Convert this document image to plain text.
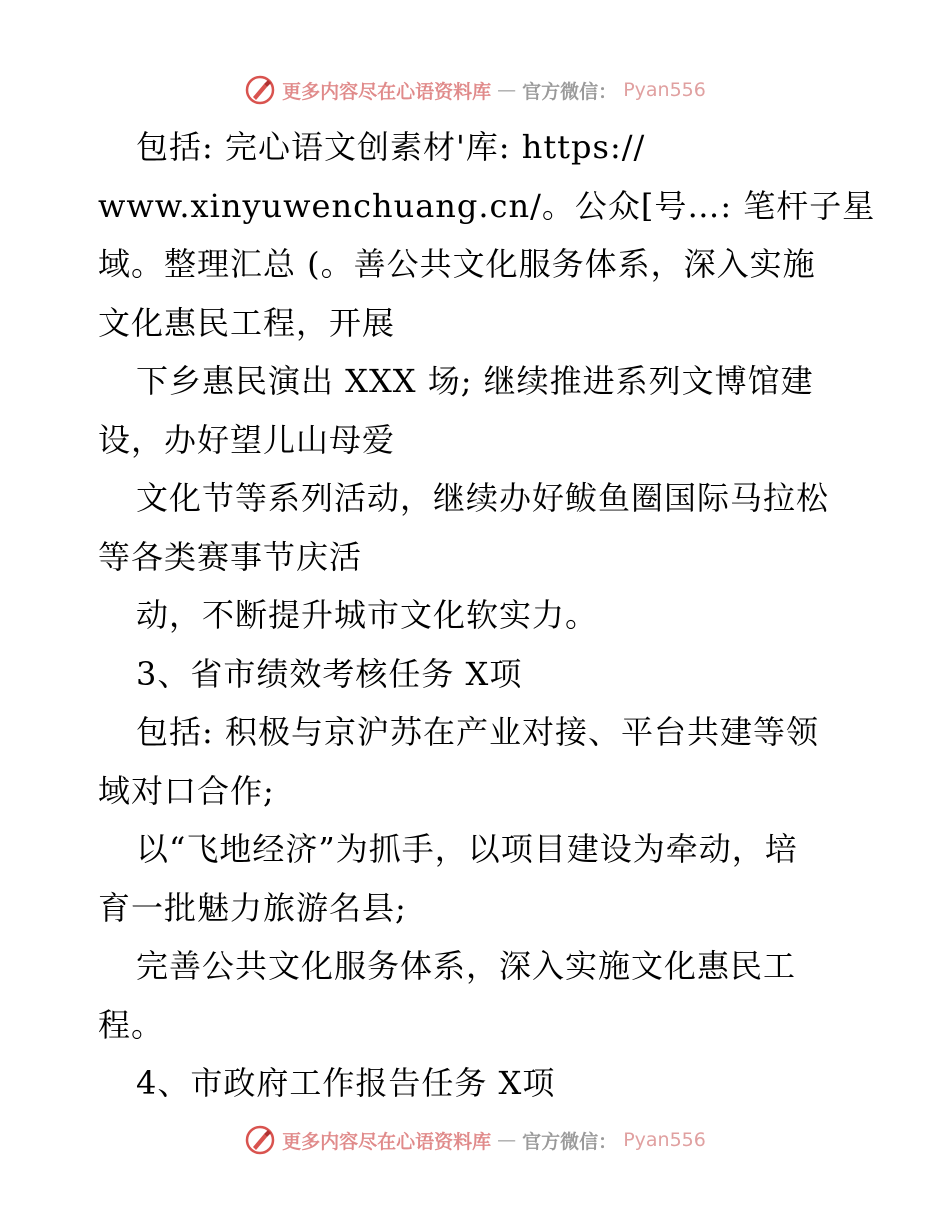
更多内容尽在心语资料库 — 官方微信： Pyan556
包括: 完心语文创素材'库: https://
www.xinyuwenchuang.cn/。公众[号…: 笔杆子星
域。整理汇总 (。善公共文化服务体系，深入实施
文化惠民工程，开展
下乡惠民演出 XXX 场; 继续推进系列文博馆建
设，办好望儿山母爱
文化节等系列活动，继续办好鲅鱼圈国际马拉松
等各类赛事节庆活
动，不断提升城市文化软实力。
3、省市绩效考核任务 X项
包括: 积极与京沪苏在产业对接、平台共建等领
域对口合作;
以“飞地经济”为抓手，以项目建设为牵动，培
育一批魅力旅游名县;
完善公共文化服务体系，深入实施文化惠民工
程。
4、市政府工作报告任务 X项
更多内容尽在心语资料库 — 官方微信： Pyan556
